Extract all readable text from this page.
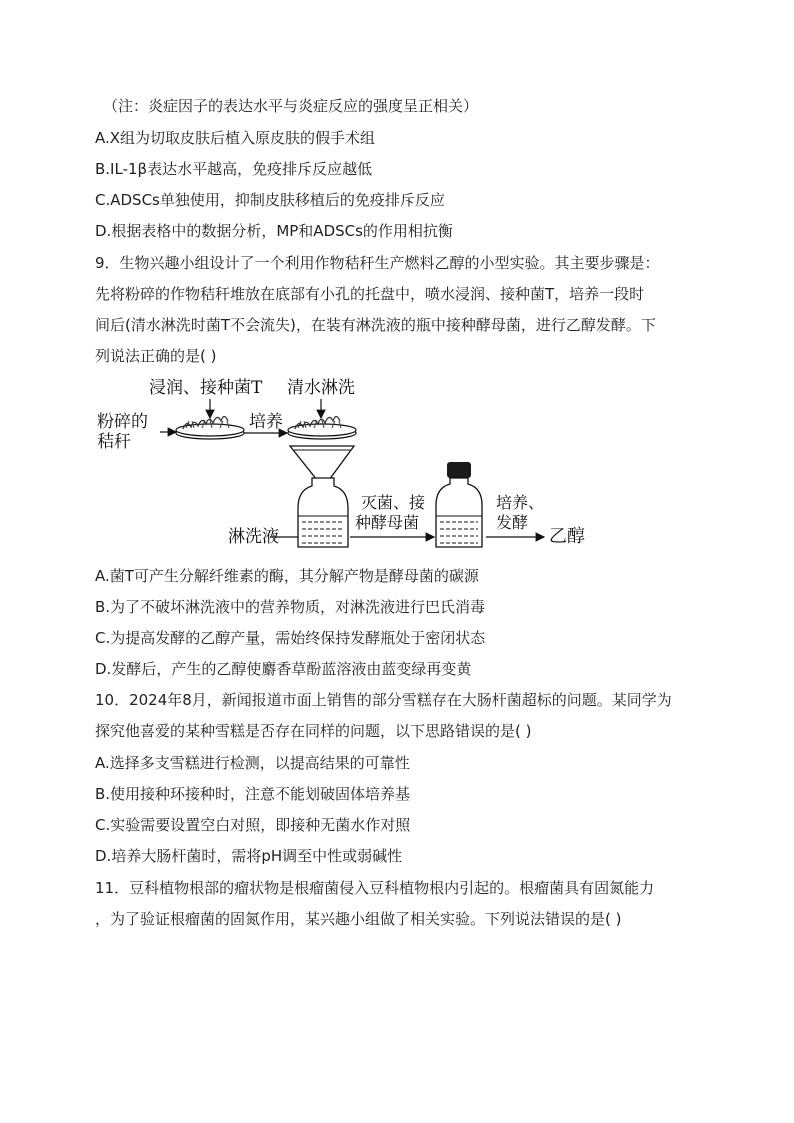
（注：炎症因子的表达水平与炎症反应的强度呈正相关）
A.X组为切取皮肤后植入原皮肤的假手术组
B.IL-1β表达水平越高，免疫排斥反应越低
C.ADSCs单独使用，抑制皮肤移植后的免疫排斥反应
D.根据表格中的数据分析，MP和ADSCs的作用相抗衡
9．生物兴趣小组设计了一个利用作物秸秆生产燃料乙醇的小型实验。其主要步骤是：
先将粉碎的作物秸秆堆放在底部有小孔的托盘中，喷水浸润、接种菌T，培养一段时
间后(清水淋洗时菌T不会流失)，在装有淋洗液的瓶中接种酵母菌，进行乙醇发酵。下
列说法正确的是( )
浸润、接种菌T 清水淋洗
粉碎的
秸秆
培养
淋洗液
灭菌、接
种酵母菌
培养、
发酵
乙醇
A.菌T可产生分解纤维素的酶，其分解产物是酵母菌的碳源
B.为了不破坏淋洗液中的营养物质，对淋洗液进行巴氏消毒
C.为提高发酵的乙醇产量，需始终保持发酵瓶处于密闭状态
D.发酵后，产生的乙醇使麝香草酚蓝溶液由蓝变绿再变黄
10．2024年8月，新闻报道市面上销售的部分雪糕存在大肠杆菌超标的问题。某同学为
探究他喜爱的某种雪糕是否存在同样的问题，以下思路错误的是( )
A.选择多支雪糕进行检测，以提高结果的可靠性
B.使用接种环接种时，注意不能划破固体培养基
C.实验需要设置空白对照，即接种无菌水作对照
D.培养大肠杆菌时，需将pH调至中性或弱碱性
11．豆科植物根部的瘤状物是根瘤菌侵入豆科植物根内引起的。根瘤菌具有固氮能力
，为了验证根瘤菌的固氮作用，某兴趣小组做了相关实验。下列说法错误的是( )
